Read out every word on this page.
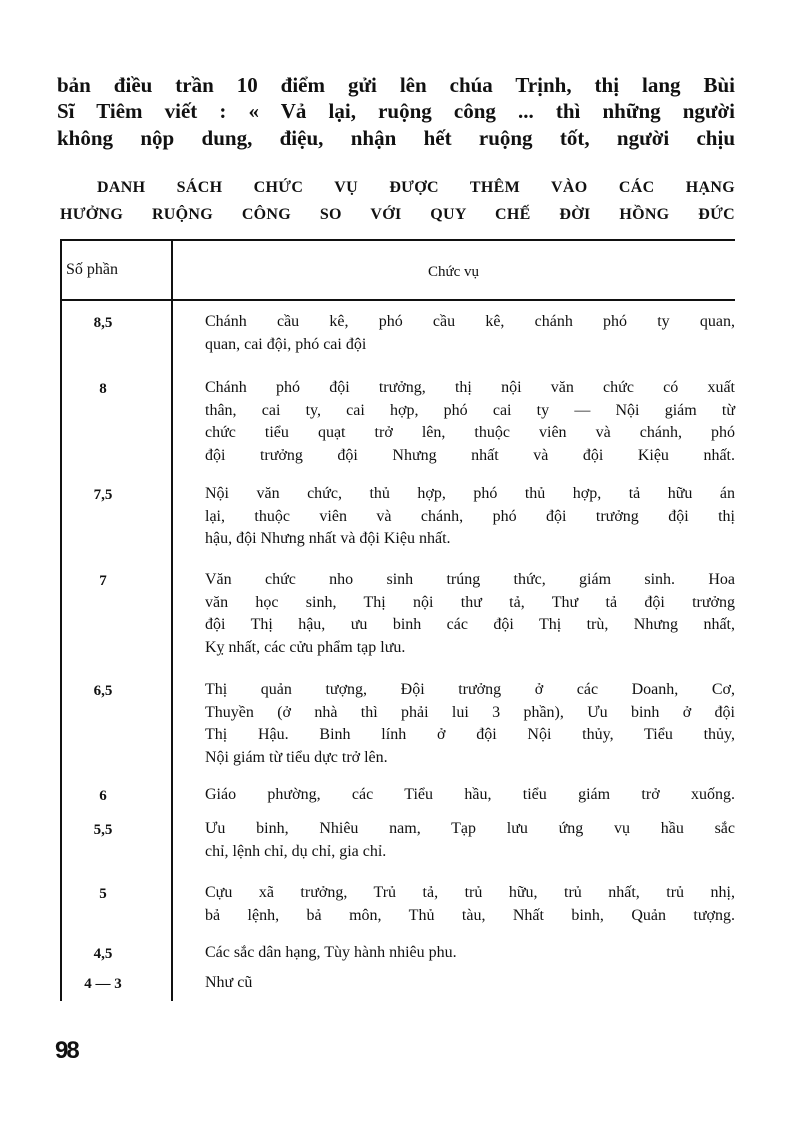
bản điều trần 10 điểm gửi lên chúa Trịnh, thị lang Bùi
Sĩ Tiêm viết : « Vả lại, ruộng công ... thì những người
không nộp dung, điệu, nhận hết ruộng tốt, người chịu
DANH SÁCH CHỨC VỤ ĐƯỢC THÊM VÀO CÁC HẠNG
HƯỞNG RUỘNG CÔNG SO VỚI QUY CHẾ ĐỜI HỒNG ĐỨC
Số phần	Chức vụ
8,5	Chánh cầu kê, phó cầu kê, chánh phó ty quan,
quan, cai đội, phó cai đội
8	Chánh phó đội trưởng, thị nội văn chức có xuất
thân, cai ty, cai hợp, phó cai ty — Nội giám từ
chức tiểu quạt trở lên, thuộc viên và chánh, phó
đội trưởng đội Nhưng nhất và đội Kiệu nhất.
7,5	Nội văn chức, thủ hợp, phó thủ hợp, tả hữu án
lại, thuộc viên và chánh, phó đội trưởng đội thị
hậu, đội Nhưng nhất và đội Kiệu nhất.
7	Văn chức nho sinh trúng thức, giám sinh. Hoa
văn học sinh, Thị nội thư tả, Thư tả đội trưởng
đội Thị hậu, ưu binh các đội Thị trù, Nhưng nhất,
Kỵ nhất, các cửu phẩm tạp lưu.
6,5	Thị quản tượng, Đội trưởng ở các Doanh, Cơ,
Thuyền (ở nhà thì phải lui 3 phần), Ưu binh ở đội
Thị Hậu. Binh lính ở đội Nội thủy, Tiểu thủy,
Nội giám từ tiểu dực trở lên.
6	Giáo phường, các Tiểu hầu, tiểu giám trở xuống.
5,5	Ưu binh, Nhiêu nam, Tạp lưu ứng vụ hầu sắc
chỉ, lệnh chỉ, dụ chỉ, gia chỉ.
5	Cựu xã trưởng, Trủ tả, trủ hữu, trủ nhất, trủ nhị,
bả lệnh, bả môn, Thủ tàu, Nhất binh, Quản tượng.
4,5	Các sắc dân hạng, Tùy hành nhiêu phu.
4 — 3	Như cũ
98
